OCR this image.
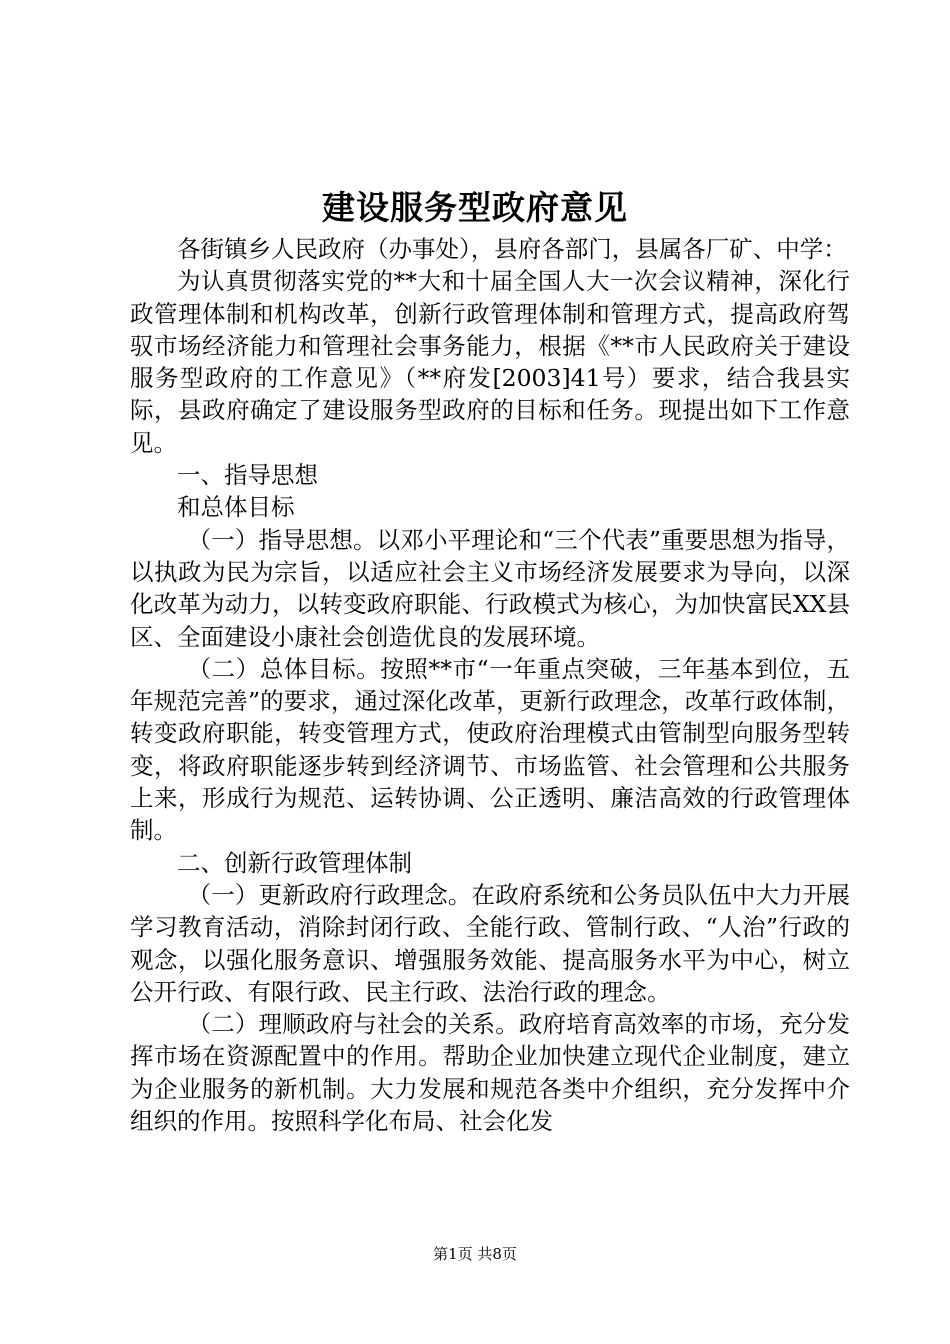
建设服务型政府意见

各街镇乡人民政府（办事处），县府各部门，县属各厂矿、中学：

为认真贯彻落实党的**大和十届全国人大一次会议精神，深化行政管理体制和机构改革，创新行政管理体制和管理方式，提高政府驾驭市场经济能力和管理社会事务能力，根据《**市人民政府关于建设服务型政府的工作意见》（**府发[2003]41号）要求，结合我县实际，县政府确定了建设服务型政府的目标和任务。现提出如下工作意见。

一、指导思想

和总体目标

（一）指导思想。以邓小平理论和“三个代表”重要思想为指导，以执政为民为宗旨，以适应社会主义市场经济发展要求为导向，以深化改革为动力，以转变政府职能、行政模式为核心，为加快富民XX县区、全面建设小康社会创造优良的发展环境。

（二）总体目标。按照**市“一年重点突破，三年基本到位，五年规范完善”的要求，通过深化改革，更新行政理念，改革行政体制，转变政府职能，转变管理方式，使政府治理模式由管制型向服务型转变，将政府职能逐步转到经济调节、市场监管、社会管理和公共服务上来，形成行为规范、运转协调、公正透明、廉洁高效的行政管理体制。

二、创新行政管理体制

（一）更新政府行政理念。在政府系统和公务员队伍中大力开展学习教育活动，消除封闭行政、全能行政、管制行政、“人治”行政的观念，以强化服务意识、增强服务效能、提高服务水平为中心，树立公开行政、有限行政、民主行政、法治行政的理念。

（二）理顺政府与社会的关系。政府培育高效率的市场，充分发挥市场在资源配置中的作用。帮助企业加快建立现代企业制度，建立为企业服务的新机制。大力发展和规范各类中介组织，充分发挥中介组织的作用。按照科学化布局、社会化发

第1页 共8页
